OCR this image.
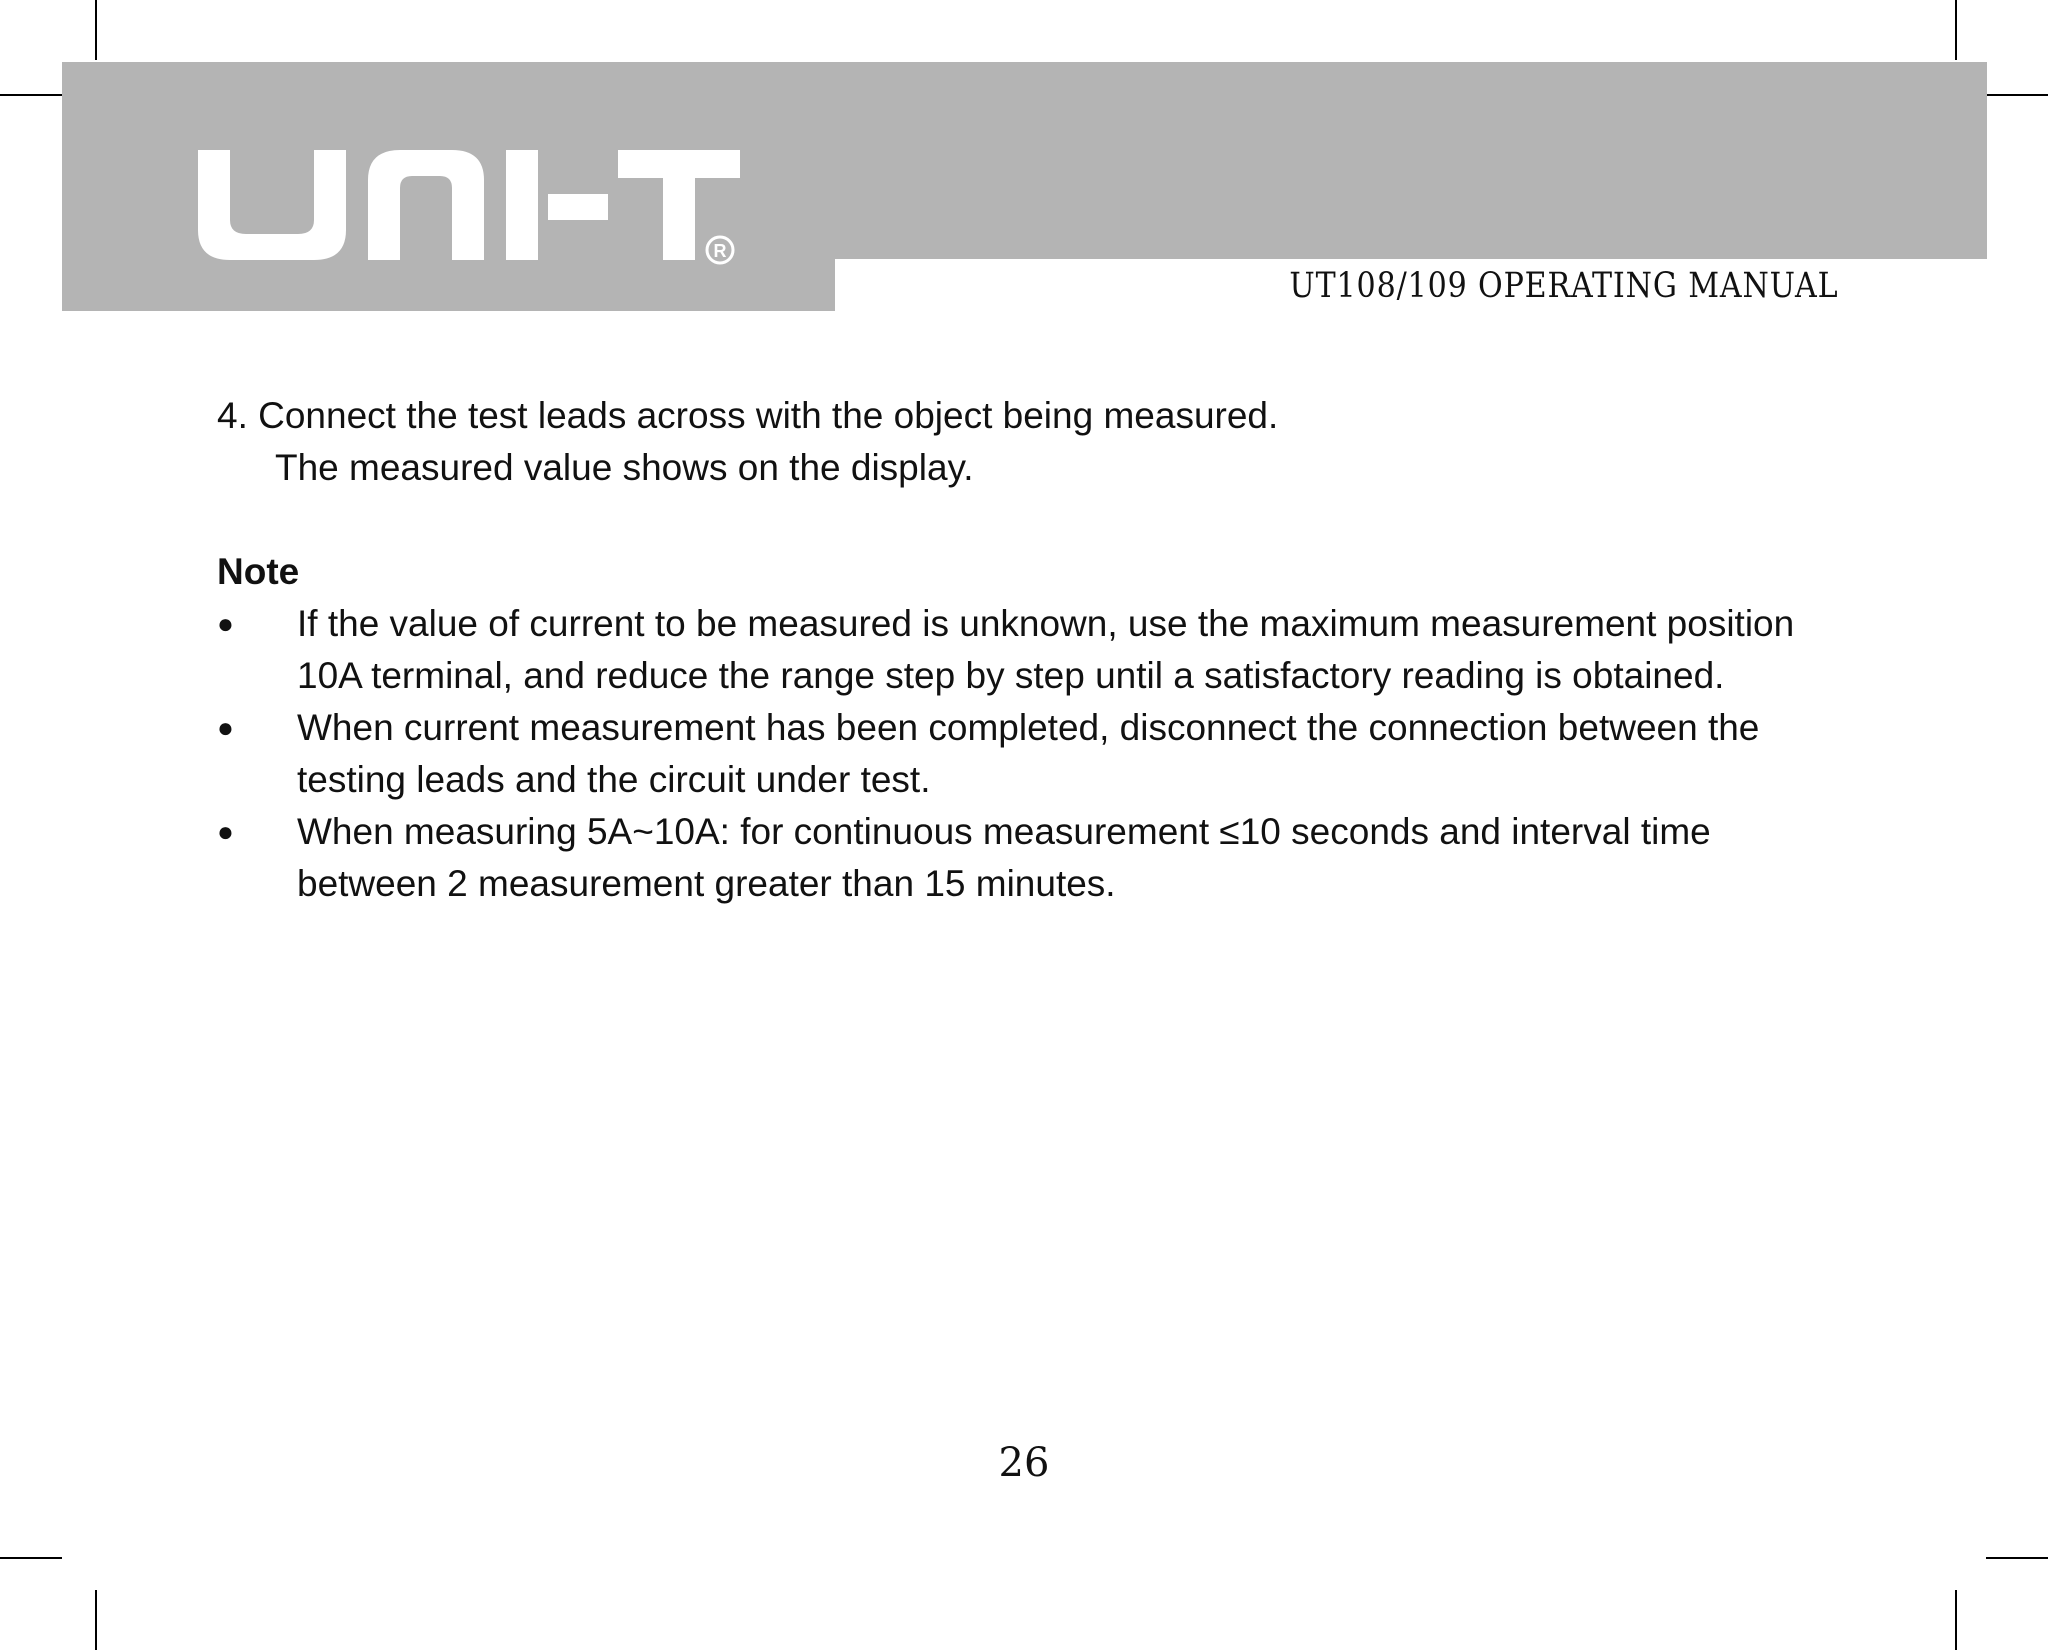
R
UT108/109 OPERATING MANUAL
4. Connect the test leads across with the object being measured.
The measured value shows on the display.
Note
● If the value of current to be measured is unknown, use the maximum measurement position 10A terminal, and reduce the range step by step until a satisfactory reading is obtained.
● When current measurement has been completed, disconnect the connection between the testing leads and the circuit under test.
● When measuring 5A~10A: for continuous measurement ≤10 seconds and interval time between 2 measurement greater than 15 minutes.
26
